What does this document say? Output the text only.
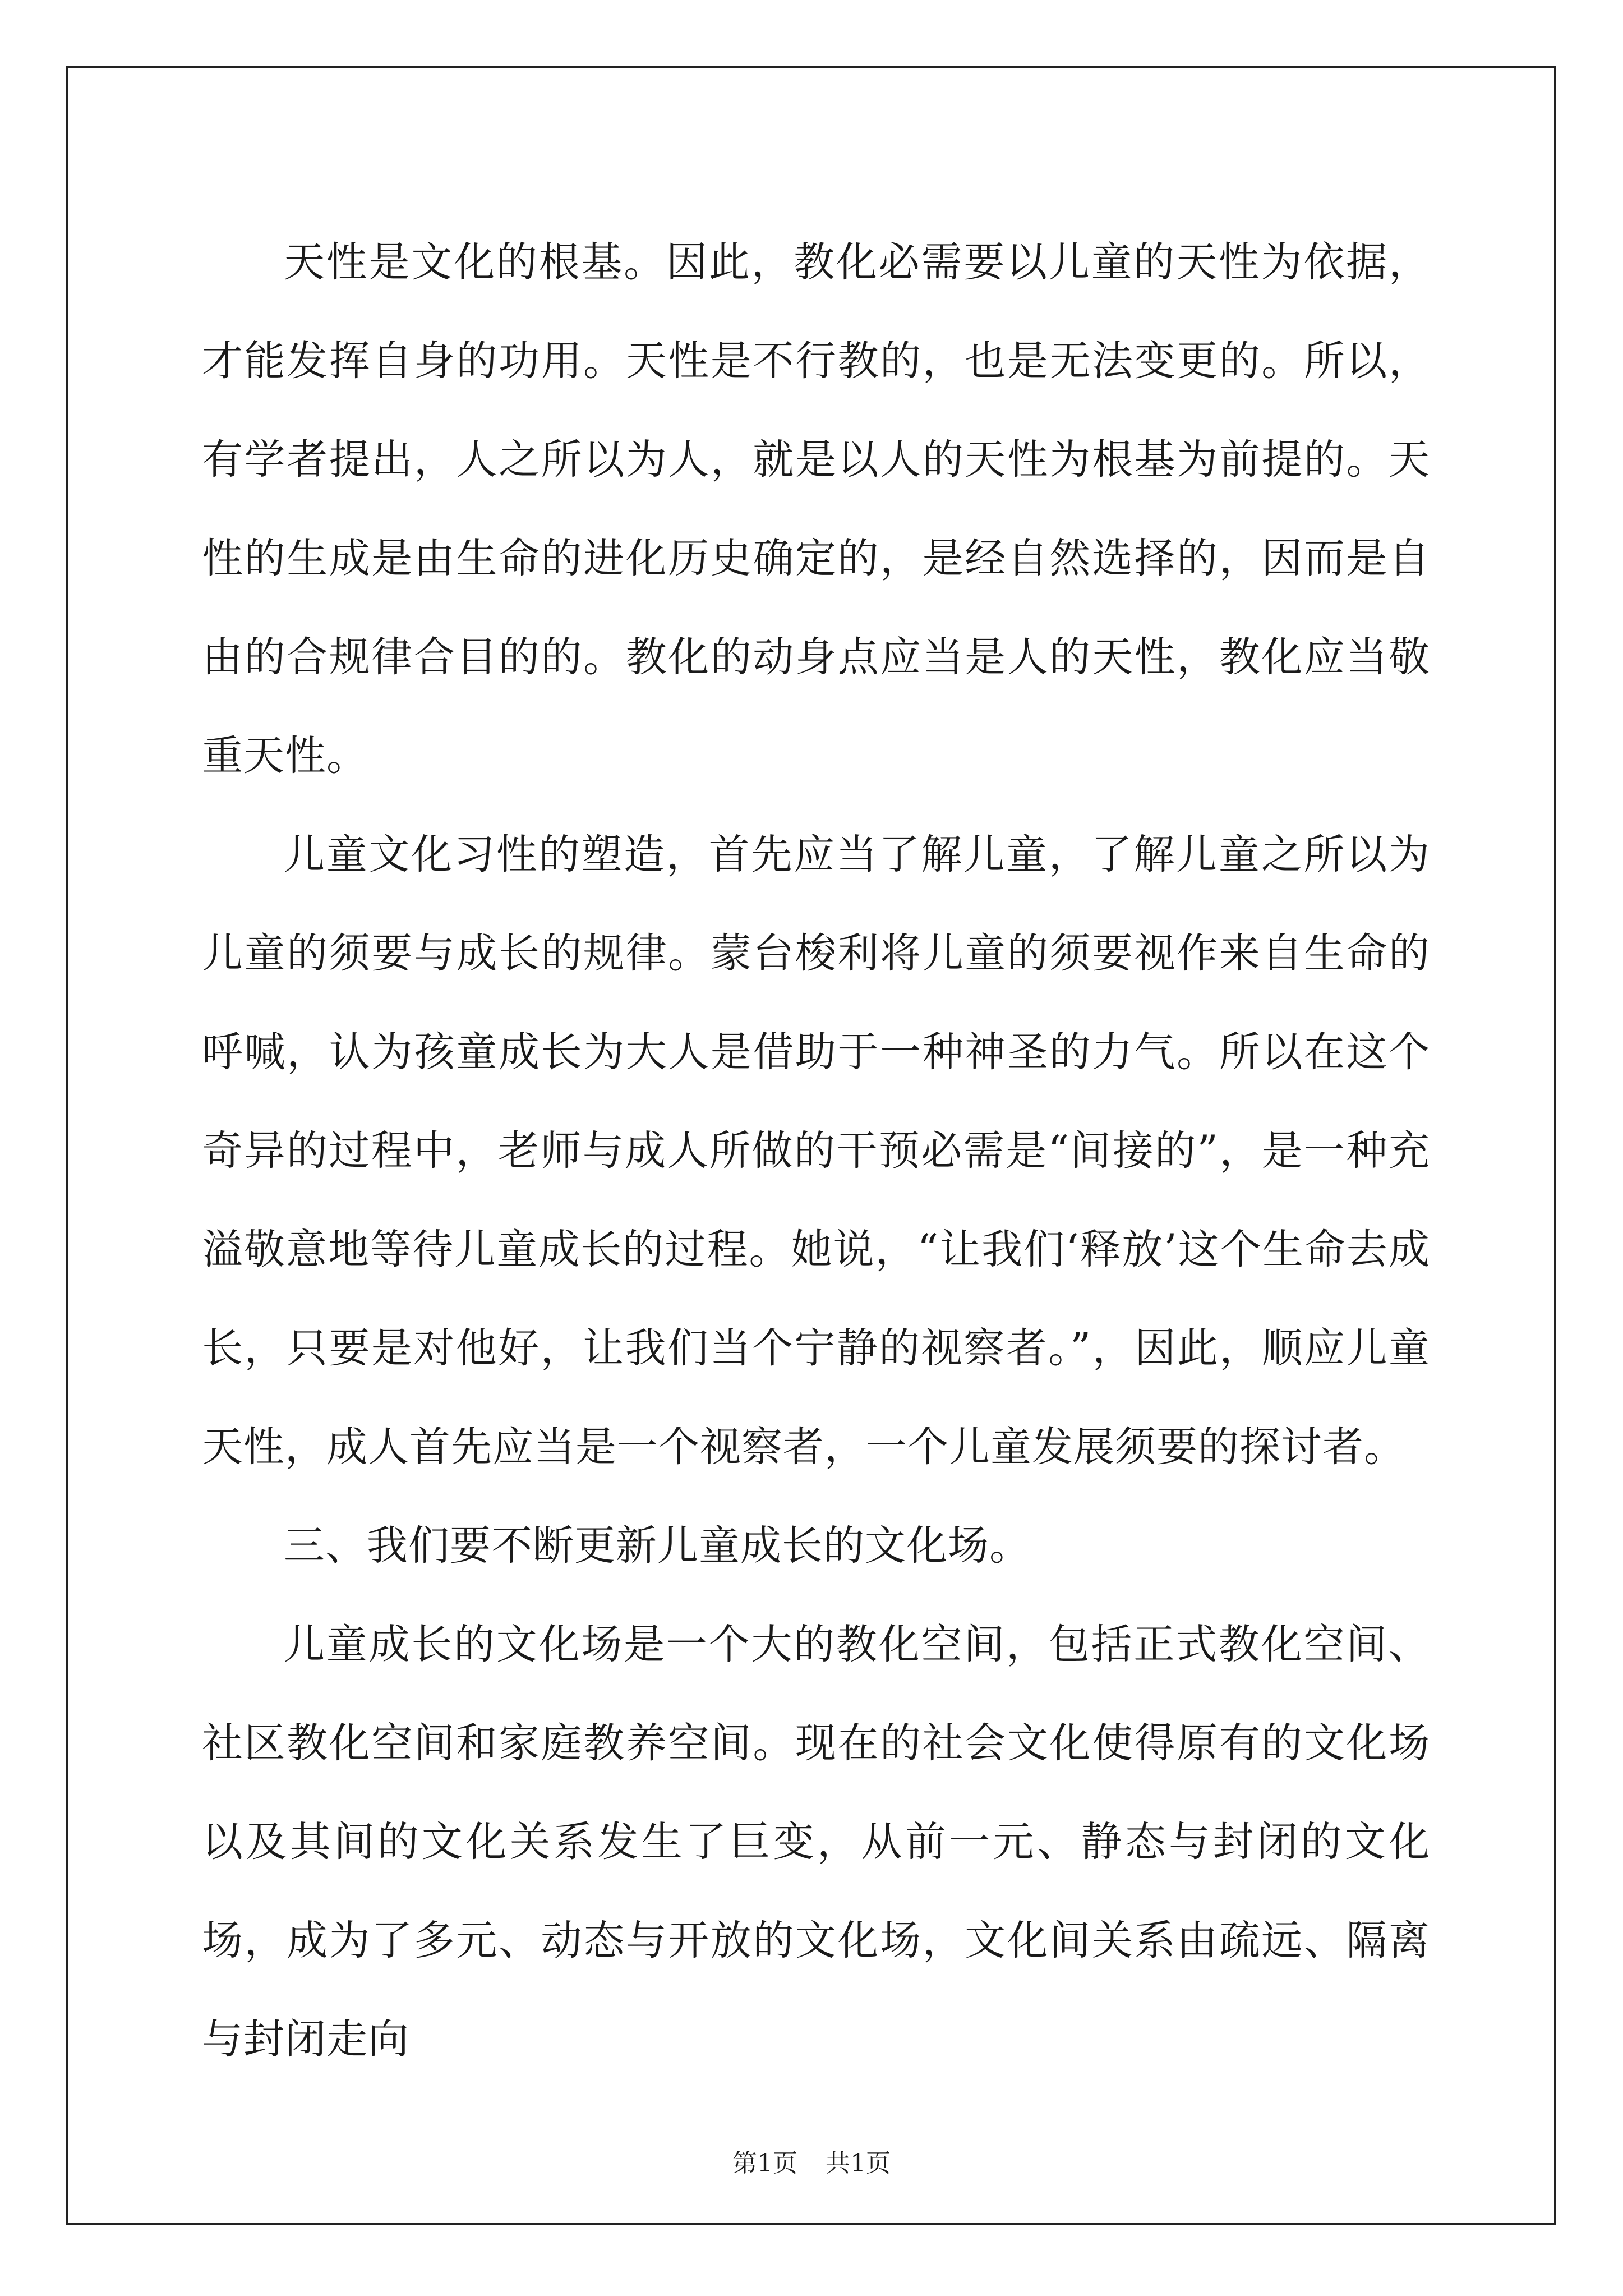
天性是文化的根基。因此，教化必需要以儿童的天性为依据，才能发挥自身的功用。天性是不行教的，也是无法变更的。所以，有学者提出，人之所以为人，就是以人的天性为根基为前提的。天性的生成是由生命的进化历史确定的，是经自然选择的，因而是自由的合规律合目的的。教化的动身点应当是人的天性，教化应当敬重天性。

儿童文化习性的塑造，首先应当了解儿童，了解儿童之所以为儿童的须要与成长的规律。蒙台梭利将儿童的须要视作来自生命的呼喊，认为孩童成长为大人是借助于一种神圣的力气。所以在这个奇异的过程中，老师与成人所做的干预必需是“间接的”，是一种充溢敬意地等待儿童成长的过程。她说，“让我们‘释放’这个生命去成长，只要是对他好，让我们当个宁静的视察者。”，因此，顺应儿童天性，成人首先应当是一个视察者，一个儿童发展须要的探讨者。

三、我们要不断更新儿童成长的文化场。

儿童成长的文化场是一个大的教化空间，包括正式教化空间、社区教化空间和家庭教养空间。现在的社会文化使得原有的文化场以及其间的文化关系发生了巨变，从前一元、静态与封闭的文化场，成为了多元、动态与开放的文化场，文化间关系由疏远、隔离与封闭走向

第1页 共1页
